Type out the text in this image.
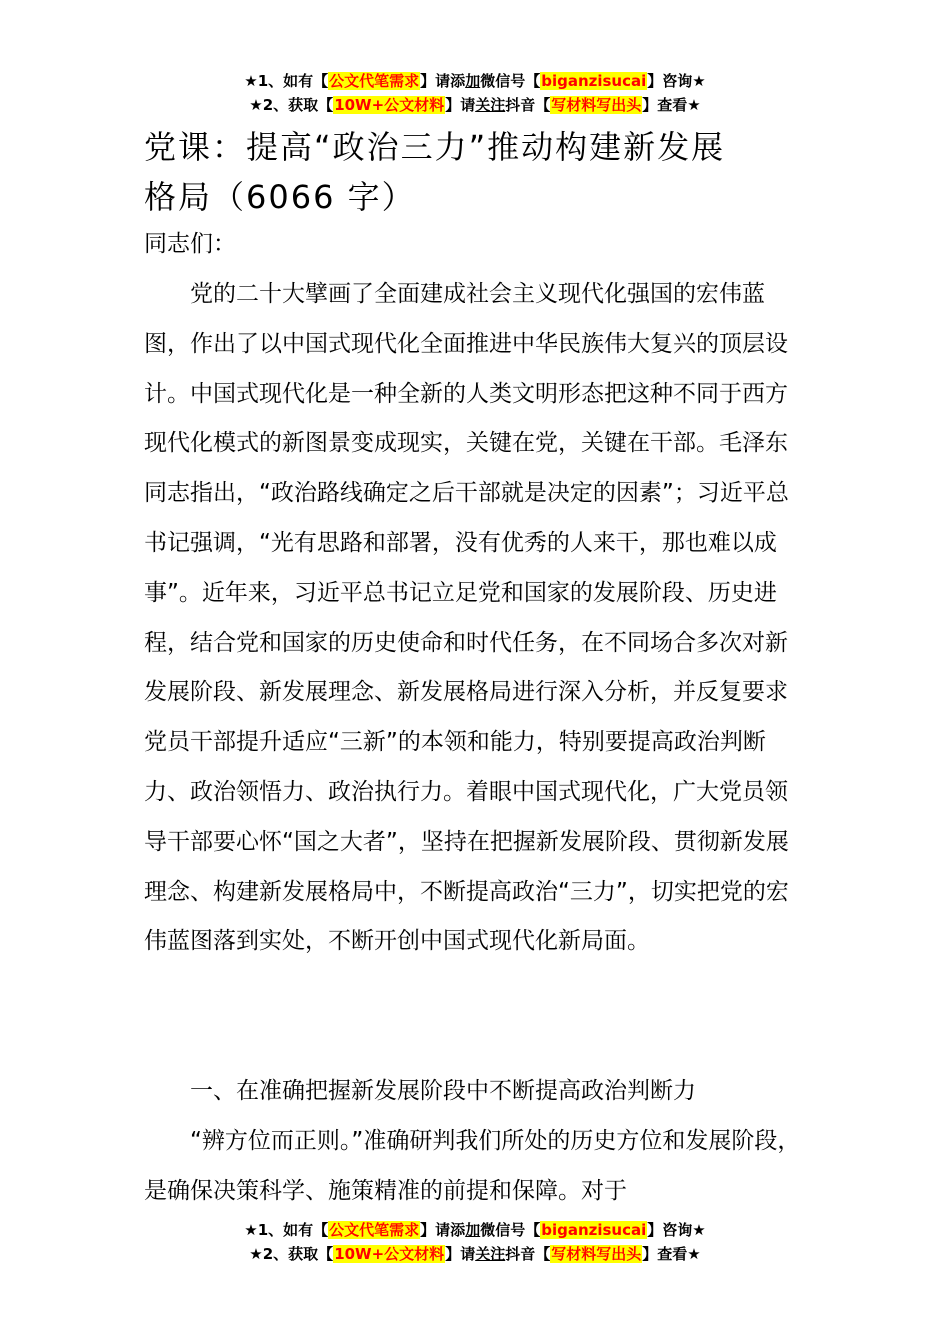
★1、如有【公文代笔需求】请添加微信号【biganzisucai】咨询★
★2、获取【10W+公文材料】请关注抖音【写材料写出头】查看★
党课：提高“政治三力”推动构建新发展
格局（6066 字）
同志们：
党的二十大擘画了全面建成社会主义现代化强国的宏伟蓝图，作出了以中国式现代化全面推进中华民族伟大复兴的顶层设计。中国式现代化是一种全新的人类文明形态把这种不同于西方现代化模式的新图景变成现实，关键在党，关键在干部。毛泽东同志指出，“政治路线确定之后干部就是决定的因素”；习近平总书记强调，“光有思路和部署，没有优秀的人来干，那也难以成事”。近年来，习近平总书记立足党和国家的发展阶段、历史进程，结合党和国家的历史使命和时代任务，在不同场合多次对新发展阶段、新发展理念、新发展格局进行深入分析，并反复要求党员干部提升适应“三新”的本领和能力，特别要提高政治判断力、政治领悟力、政治执行力。着眼中国式现代化，广大党员领导干部要心怀“国之大者”，坚持在把握新发展阶段、贯彻新发展理念、构建新发展格局中，不断提高政治“三力”，切实把党的宏伟蓝图落到实处，不断开创中国式现代化新局面。
一、在准确把握新发展阶段中不断提高政治判断力
“辨方位而正则。”准确研判我们所处的历史方位和发展阶段，是确保决策科学、施策精准的前提和保障。对于
★1、如有【公文代笔需求】请添加微信号【biganzisucai】咨询★
★2、获取【10W+公文材料】请关注抖音【写材料写出头】查看★
